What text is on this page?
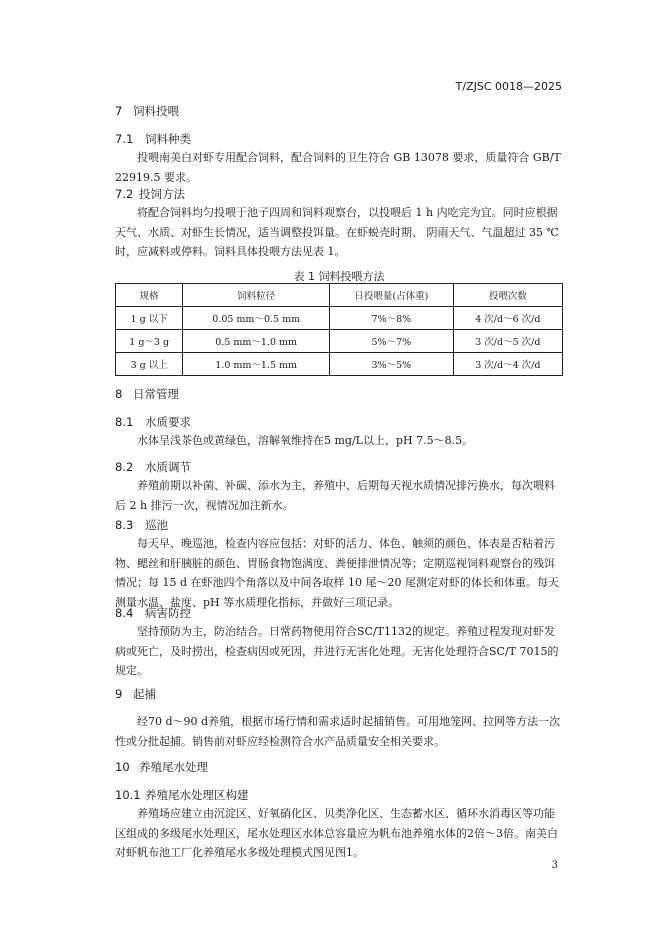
T/ZJSC 0018—2025
7 饲料投喂
7.1 饲料种类
投喂南美白对虾专用配合饲料，配合饲料的卫生符合 GB 13078 要求，质量符合 GB/T 22919.5 要求。
7.2 投饲方法
将配合饲料均匀投喂于池子四周和饲料观察台，以投喂后 1 h 内吃完为宜。同时应根据天气、水质、对虾生长情况，适当调整投饵量。在虾蜕壳时期、 阴雨天气、气温超过 35 ℃时，应减料或停料。饲料具体投喂方法见表 1。
表 1 饲料投喂方法
规格	饲料粒径	日投喂量(占体重)	投喂次数
1 g 以下	0.05 mm～0.5 mm	7%～8%	4 次/d～6 次/d
1 g～3 g	0.5 mm～1.0 mm	5%～7%	3 次/d～5 次/d
3 g 以上	1.0 mm～1.5 mm	3%～5%	3 次/d～4 次/d
8 日常管理
8.1 水质要求
水体呈浅茶色或黄绿色，溶解氧维持在5 mg/L以上，pH 7.5～8.5。
8.2 水质调节
养殖前期以补菌、补碳、添水为主，养殖中、后期每天视水质情况排污换水，每次喂料后 2 h 排污一次，视情况加注新水。
8.3 巡池
每天早、晚巡池，检查内容应包括：对虾的活力、体色、触须的颜色、体表是否粘着污物、鳃丝和肝胰脏的颜色、胃肠食物饱满度、粪便排泄情况等；定期巡视饲料观察台的残饵情况；每 15 d 在虾池四个角落以及中间各取样 10 尾～20 尾测定对虾的体长和体重。每天测量水温、盐度、pH 等水质理化指标，并做好三项记录。
8.4 病害防控
坚持预防为主，防治结合。日常药物使用符合SC/T1132的规定。养殖过程发现对虾发病或死亡，及时捞出，检查病因或死因，并进行无害化处理。无害化处理符合SC/T 7015的规定。
9 起捕
经70 d～90 d养殖，根据市场行情和需求适时起捕销售。可用地笼网、拉网等方法一次性或分批起捕。销售前对虾应经检测符合水产品质量安全相关要求。
10 养殖尾水处理
10.1 养殖尾水处理区构建
养殖场应建立由沉淀区、好氧硝化区、贝类净化区、生态蓄水区、循环水消毒区等功能区组成的多级尾水处理区，尾水处理区水体总容量应为帆布池养殖水体的2倍～3倍。南美白对虾帆布池工厂化养殖尾水多级处理模式图见图1。
3
